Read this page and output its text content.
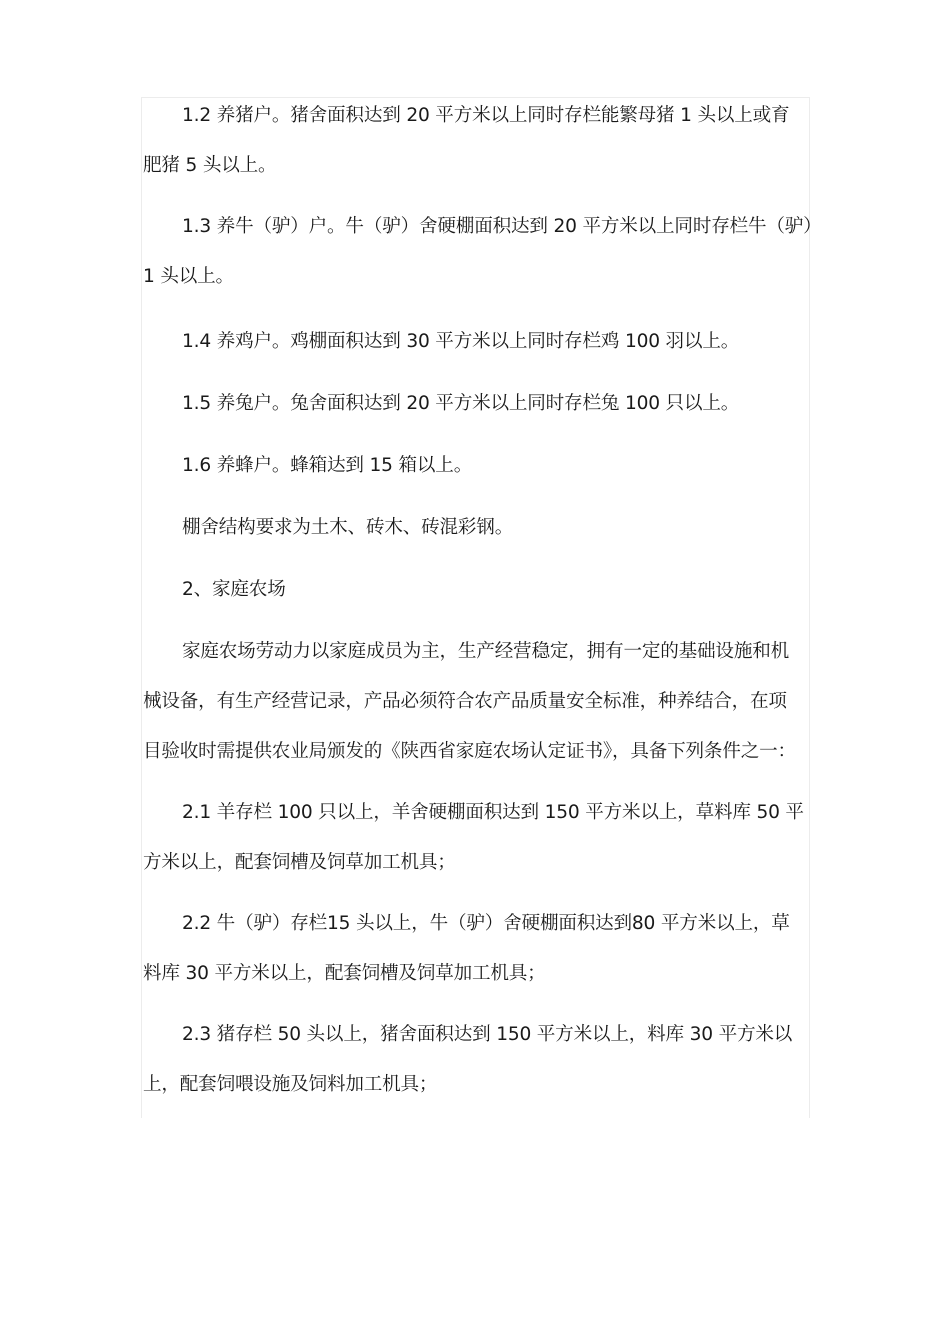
1.2 养猪户。猪舍面积达到 20 平方米以上同时存栏能繁母猪 1 头以上或育
肥猪 5 头以上。

1.3 养牛（驴）户。牛（驴）舍硬棚面积达到 20 平方米以上同时存栏牛（驴）
1 头以上。

1.4 养鸡户。鸡棚面积达到 30 平方米以上同时存栏鸡 100 羽以上。

1.5 养兔户。兔舍面积达到 20 平方米以上同时存栏兔 100 只以上。

1.6 养蜂户。蜂箱达到 15 箱以上。

棚舍结构要求为土木、砖木、砖混彩钢。

2、家庭农场

家庭农场劳动力以家庭成员为主，生产经营稳定，拥有一定的基础设施和机
械设备，有生产经营记录，产品必须符合农产品质量安全标准，种养结合，在项
目验收时需提供农业局颁发的《陕西省家庭农场认定证书》，具备下列条件之一：

2.1 羊存栏 100 只以上，羊舍硬棚面积达到 150 平方米以上，草料库 50 平
方米以上，配套饲槽及饲草加工机具；

2.2 牛（驴）存栏15 头以上，牛（驴）舍硬棚面积达到80 平方米以上，草
料库 30 平方米以上，配套饲槽及饲草加工机具；

2.3 猪存栏 50 头以上，猪舍面积达到 150 平方米以上，料库 30 平方米以
上，配套饲喂设施及饲料加工机具；
